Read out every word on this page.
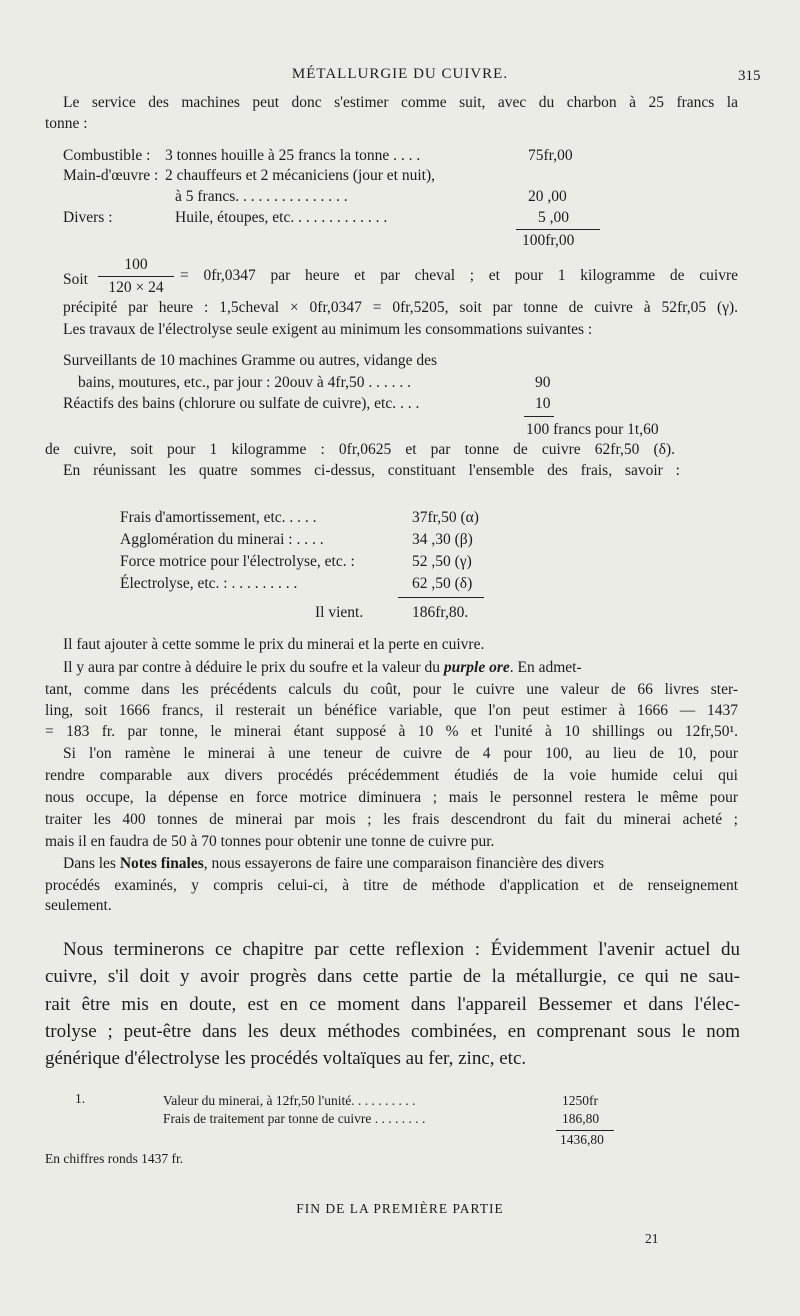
MÉTALLURGIE DU CUIVRE.	315
Le service des machines peut donc s'estimer comme suit, avec du charbon à 25 francs la
tonne :
Combustible : 3 tonnes houille à 25 francs la tonne . . . .	75fr,00
Main-d'œuvre : 2 chauffeurs et 2 mécaniciens (jour et nuit),
à 5 francs. . . . . . . . . . . . . . .	20 ,00
Divers :	Huile, étoupes, etc. . . . . . . . . . . . .	5 ,00
100fr,00
Soit
100
120 × 24
= 0fr,0347 par heure et par cheval ; et pour 1 kilogramme de cuivre
précipité par heure : 1,5cheval × 0fr,0347 = 0fr,5205, soit par tonne de cuivre à 52fr,05 (γ).
Les travaux de l'électrolyse seule exigent au minimum les consommations suivantes :
Surveillants de 10 machines Gramme ou autres, vidange des
bains, moutures, etc., par jour : 20ouv à 4fr,50 . . . . . .	90
Réactifs des bains (chlorure ou sulfate de cuivre), etc. . . .	10
100 francs pour 1t,60
de cuivre, soit pour 1 kilogramme : 0fr,0625 et par tonne de cuivre 62fr,50 (δ).
En réunissant les quatre sommes ci-dessus, constituant l'ensemble des frais, savoir :
Frais d'amortissement, etc. . . . .	37fr,50 (α)
Agglomération du minerai : . . . .	34 ,30 (β)
Force motrice pour l'électrolyse, etc. :	52 ,50 (γ)
Électrolyse, etc. : . . . . . . . . .	62 ,50 (δ)
Il vient.	186fr,80.
Il faut ajouter à cette somme le prix du minerai et la perte en cuivre.
Il y aura par contre à déduire le prix du soufre et la valeur du purple ore. En admet-
tant, comme dans les précédents calculs du coût, pour le cuivre une valeur de 66 livres ster-
ling, soit 1666 francs, il resterait un bénéfice variable, que l'on peut estimer à 1666 — 1437
= 183 fr. par tonne, le minerai étant supposé à 10 % et l'unité à 10 shillings ou 12fr,50¹.
Si l'on ramène le minerai à une teneur de cuivre de 4 pour 100, au lieu de 10, pour
rendre comparable aux divers procédés précédemment étudiés de la voie humide celui qui
nous occupe, la dépense en force motrice diminuera ; mais le personnel restera le même pour
traiter les 400 tonnes de minerai par mois ; les frais descendront du fait du minerai acheté ;
mais il en faudra de 50 à 70 tonnes pour obtenir une tonne de cuivre pur.
Dans les Notes finales, nous essayerons de faire une comparaison financière des divers
procédés examinés, y compris celui-ci, à titre de méthode d'application et de renseignement
seulement.
Nous terminerons ce chapitre par cette reflexion : Évidemment l'avenir actuel du
cuivre, s'il doit y avoir progrès dans cette partie de la métallurgie, ce qui ne sau-
rait être mis en doute, est en ce moment dans l'appareil Bessemer et dans l'élec-
trolyse ; peut-être dans les deux méthodes combinées, en comprenant sous le nom
générique d'électrolyse les procédés voltaïques au fer, zinc, etc.
1.	Valeur du minerai, à 12fr,50 l'unité. . . . . . . . . .	1250fr
Frais de traitement par tonne de cuivre . . . . . . . .	186,80
1436,80
En chiffres ronds 1437 fr.
FIN DE LA PREMIÈRE PARTIE
21
